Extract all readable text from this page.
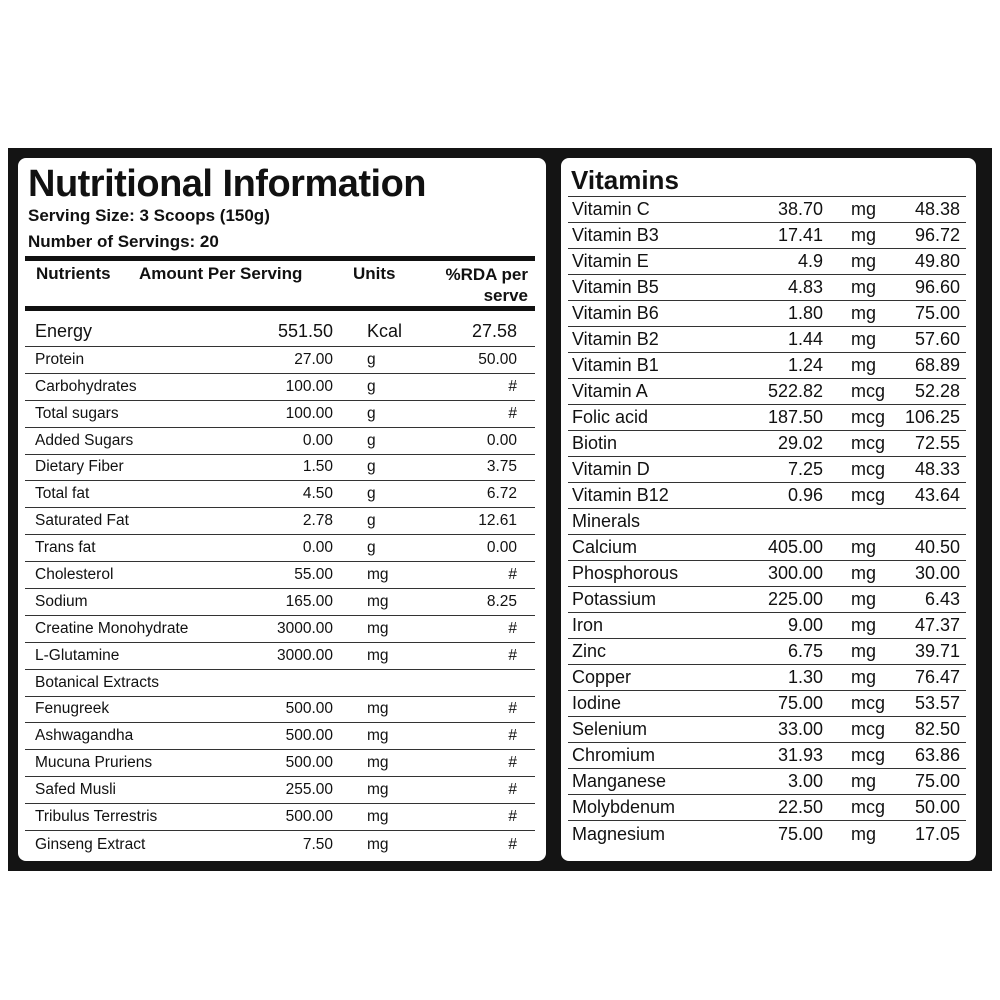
Nutritional Information
Serving Size: 3 Scoops (150g)
Number of Servings: 20
Nutrients Amount Per Serving	Units	%RDA per
serve
Energy	551.50 Kcal	27.58
Protein	27.00 g	50.00
Carbohydrates	100.00 g	#
Total sugars	100.00 g	#
Added Sugars	0.00 g	0.00
Dietary Fiber	1.50 g	3.75
Total fat	4.50 g	6.72
Saturated Fat	2.78 g	12.61
Trans fat	0.00 g	0.00
Cholesterol	55.00 mg	#
Sodium	165.00 mg	8.25
Creatine Monohydrate	3000.00 mg	#
L-Glutamine	3000.00 mg	#
Botanical Extracts
Fenugreek	500.00 mg	#
Ashwagandha	500.00 mg	#
Mucuna Pruriens	500.00 mg	#
Safed Musli	255.00 mg	#
Tribulus Terrestris	500.00 mg	#
Ginseng Extract	7.50 mg	#
Vitamins
Vitamin C	38.70 mg 48.38
Vitamin B3	17.41 mg 96.72
Vitamin E	4.9 mg 49.80
Vitamin B5	4.83 mg 96.60
Vitamin B6	1.80 mg 75.00
Vitamin B2	1.44 mg 57.60
Vitamin B1	1.24 mg 68.89
Vitamin A	522.82 mcg 52.28
Folic acid	187.50 mcg 106.25
Biotin	29.02 mcg 72.55
Vitamin D	7.25 mcg 48.33
Vitamin B12	0.96 mcg 43.64
Minerals
Calcium	405.00 mg 40.50
Phosphorous	300.00 mg 30.00
Potassium	225.00 mg	6.43
Iron	9.00 mg 47.37
Zinc	6.75 mg 39.71
Copper	1.30 mg 76.47
Iodine	75.00 mcg 53.57
Selenium	33.00 mcg 82.50
Chromium	31.93 mcg 63.86
Manganese	3.00 mg 75.00
Molybdenum	22.50 mcg 50.00
Magnesium	75.00 mg 17.05
